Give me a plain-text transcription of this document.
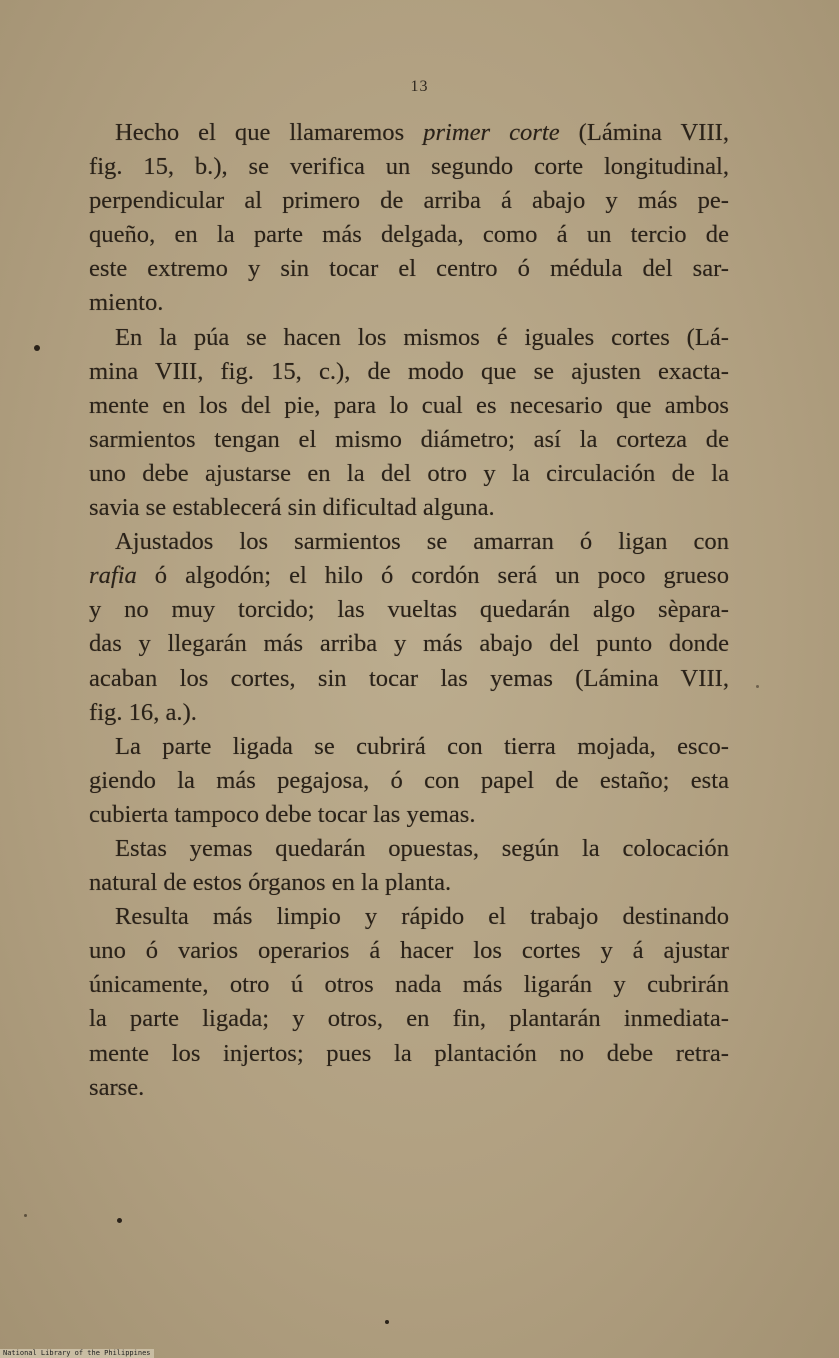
13
Hecho el que llamaremos primer corte (Lámina VIII,
fig. 15, b.), se verifica un segundo corte longitudinal,
perpendicular al primero de arriba á abajo y más pe-
queño, en la parte más delgada, como á un tercio de
este extremo y sin tocar el centro ó médula del sar-
miento.
En la púa se hacen los mismos é iguales cortes (Lá-
mina VIII, fig. 15, c.), de modo que se ajusten exacta-
mente en los del pie, para lo cual es necesario que ambos
sarmientos tengan el mismo diámetro; así la corteza de
uno debe ajustarse en la del otro y la circulación de la
savia se establecerá sin dificultad alguna.
Ajustados los sarmientos se amarran ó ligan con
rafia ó algodón; el hilo ó cordón será un poco grueso
y no muy torcido; las vueltas quedarán algo sèpara-
das y llegarán más arriba y más abajo del punto donde
acaban los cortes, sin tocar las yemas (Lámina VIII,
fig. 16, a.).
La parte ligada se cubrirá con tierra mojada, esco-
giendo la más pegajosa, ó con papel de estaño; esta
cubierta tampoco debe tocar las yemas.
Estas yemas quedarán opuestas, según la colocación
natural de estos órganos en la planta.
Resulta más limpio y rápido el trabajo destinando
uno ó varios operarios á hacer los cortes y á ajustar
únicamente, otro ú otros nada más ligarán y cubrirán
la parte ligada; y otros, en fin, plantarán inmediata-
mente los injertos; pues la plantación no debe retra-
sarse.
National Library of the Philippines
